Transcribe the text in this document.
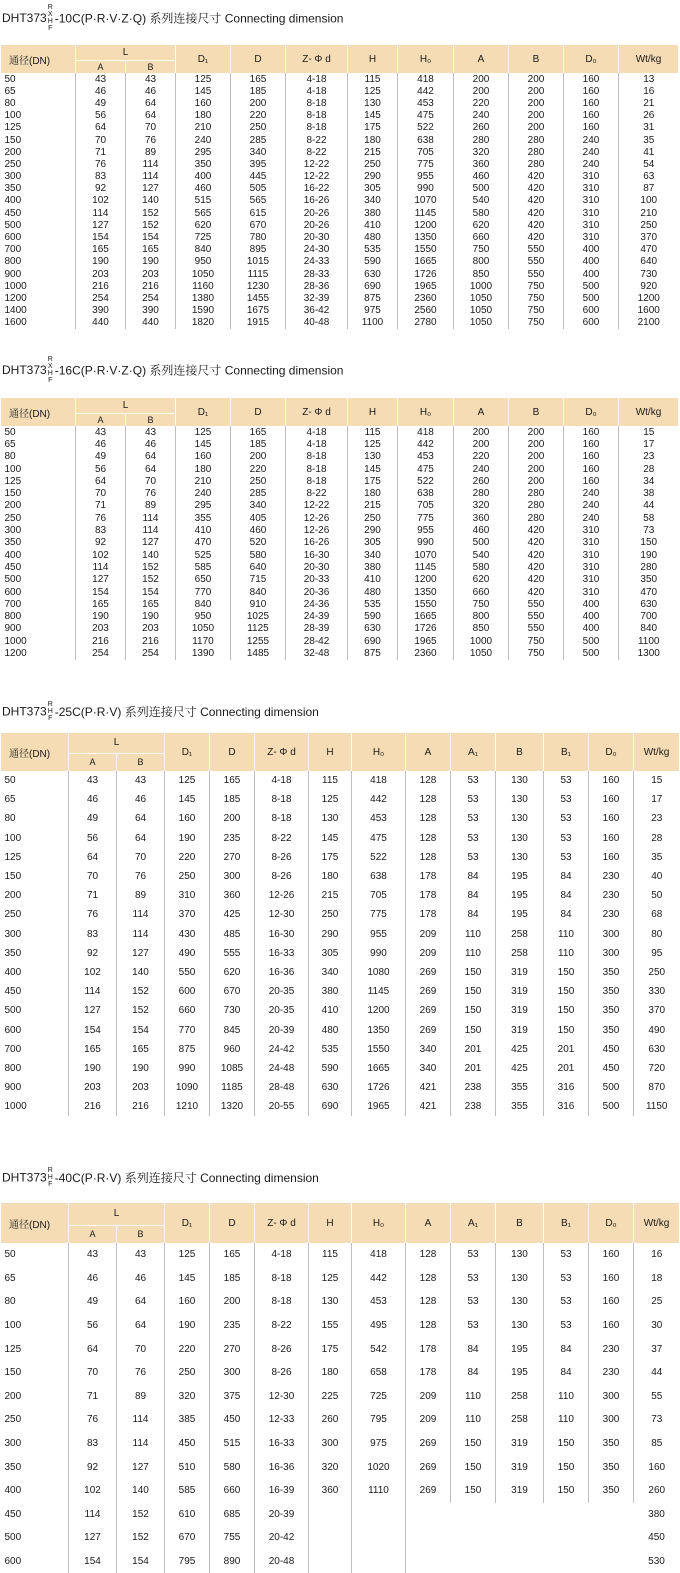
DHT373
R
X
H
F
-10C(P·R·V·Z·Q) 系列连接尺寸 Connecting dimension
通径(DN)	L		D₁	D	Z- Φ d	H	H₀	A	B	D₀	Wt/kg
	A	B									
50	43	43	125	165	4-18	115	418	200	200	160	13
65	46	46	145	185	4-18	125	442	200	200	160	16
80	49	64	160	200	8-18	130	453	220	200	160	21
100	56	64	180	220	8-18	145	475	240	200	160	26
125	64	70	210	250	8-18	175	522	260	200	160	31
150	70	76	240	285	8-22	180	638	280	280	240	35
200	71	89	295	340	8-22	215	705	320	280	240	41
250	76	114	350	395	12-22	250	775	360	280	240	54
300	83	114	400	445	12-22	290	955	460	420	310	63
350	92	127	460	505	16-22	305	990	500	420	310	87
400	102	140	515	565	16-26	340	1070	540	420	310	100
450	114	152	565	615	20-26	380	1145	580	420	310	210
500	127	152	620	670	20-26	410	1200	620	420	310	250
600	154	154	725	780	20-30	480	1350	660	420	310	370
700	165	165	840	895	24-30	535	1550	750	550	400	470
800	190	190	950	1015	24-33	590	1665	800	550	400	640
900	203	203	1050	1115	28-33	630	1726	850	550	400	730
1000	216	216	1160	1230	28-36	690	1965	1000	750	500	920
1200	254	254	1380	1455	32-39	875	2360	1050	750	500	1200
1400	390	390	1590	1675	36-42	975	2560	1050	750	600	1600
1600	440	440	1820	1915	40-48	1100	2780	1050	750	600	2100
DHT373
R
X
H
F
-16C(P·R·V·Z·Q) 系列连接尺寸 Connecting dimension
通径(DN)	L		D₁	D	Z- Φ d	H	H₀	A	B	D₀	Wt/kg
	A	B									
50	43	43	125	165	4-18	115	418	200	200	160	15
65	46	46	145	185	4-18	125	442	200	200	160	17
80	49	64	160	200	8-18	130	453	220	200	160	23
100	56	64	180	220	8-18	145	475	240	200	160	28
125	64	70	210	250	8-18	175	522	260	200	160	34
150	70	76	240	285	8-22	180	638	280	280	240	38
200	71	89	295	340	12-22	215	705	320	280	240	44
250	76	114	355	405	12-26	250	775	360	280	240	58
300	83	114	410	460	12-26	290	955	460	420	310	73
350	92	127	470	520	16-26	305	990	500	420	310	150
400	102	140	525	580	16-30	340	1070	540	420	310	190
450	114	152	585	640	20-30	380	1145	580	420	310	280
500	127	152	650	715	20-33	410	1200	620	420	310	350
600	154	154	770	840	20-36	480	1350	660	420	310	470
700	165	165	840	910	24-36	535	1550	750	550	400	630
800	190	190	950	1025	24-39	590	1665	800	550	400	700
900	203	203	1050	1125	28-39	630	1726	850	550	400	840
1000	216	216	1170	1255	28-42	690	1965	1000	750	500	1100
1200	254	254	1390	1485	32-48	875	2360	1050	750	500	1300
DHT373 R
H
F -25C(P·R·V) 系列连接尺寸 Connecting dimension
通径(DN)	L		D₁	D	Z- Φ d	H	H₀	A	A₁	B	B₁	D₀	Wt/kg
	A	B											
50	43	43	125	165	4-18	115	418	128	53	130	53	160	15
65	46	46	145	185	8-18	125	442	128	53	130	53	160	17
80	49	64	160	200	8-18	130	453	128	53	130	53	160	23
100	56	64	190	235	8-22	145	475	128	53	130	53	160	28
125	64	70	220	270	8-26	175	522	128	53	130	53	160	35
150	70	76	250	300	8-26	180	638	178	84	195	84	230	40
200	71	89	310	360	12-26	215	705	178	84	195	84	230	50
250	76	114	370	425	12-30	250	775	178	84	195	84	230	68
300	83	114	430	485	16-30	290	955	209	110	258	110	300	80
350	92	127	490	555	16-33	305	990	209	110	258	110	300	95
400	102	140	550	620	16-36	340	1080	269	150	319	150	350	250
450	114	152	600	670	20-35	380	1145	269	150	319	150	350	330
500	127	152	660	730	20-35	410	1200	269	150	319	150	350	370
600	154	154	770	845	20-39	480	1350	269	150	319	150	350	490
700	165	165	875	960	24-42	535	1550	340	201	425	201	450	630
800	190	190	990	1085	24-48	590	1665	340	201	425	201	450	720
900	203	203	1090	1185	28-48	630	1726	421	238	355	316	500	870
1000	216	216	1210	1320	20-55	690	1965	421	238	355	316	500	1150
DHT373 R
H
F -40C(P·R·V) 系列连接尺寸 Connecting dimension
通径(DN)	L		D₁	D	Z- Φ d	H	H₀	A	A₁	B	B₁	D₀	Wt/kg
	A	B											
50	43	43	125	165	4-18	115	418	128	53	130	53	160	16
65	46	46	145	185	8-18	125	442	128	53	130	53	160	18
80	49	64	160	200	8-18	130	453	128	53	130	53	160	25
100	56	64	190	235	8-22	155	495	128	53	130	53	160	30
125	64	70	220	270	8-26	175	542	178	84	195	84	230	37
150	70	76	250	300	8-26	180	658	178	84	195	84	230	44
200	71	89	320	375	12-30	225	725	209	110	258	110	300	55
250	76	114	385	450	12-33	260	795	209	110	258	110	300	73
300	83	114	450	515	16-33	300	975	269	150	319	150	350	85
350	92	127	510	580	16-36	320	1020	269	150	319	150	350	160
400	102	140	585	660	16-39	360	1110	269	150	319	150	350	260
450	114	152	610	685	20-39								380
500	127	152	670	755	20-42								450
600	154	154	795	890	20-48								530
